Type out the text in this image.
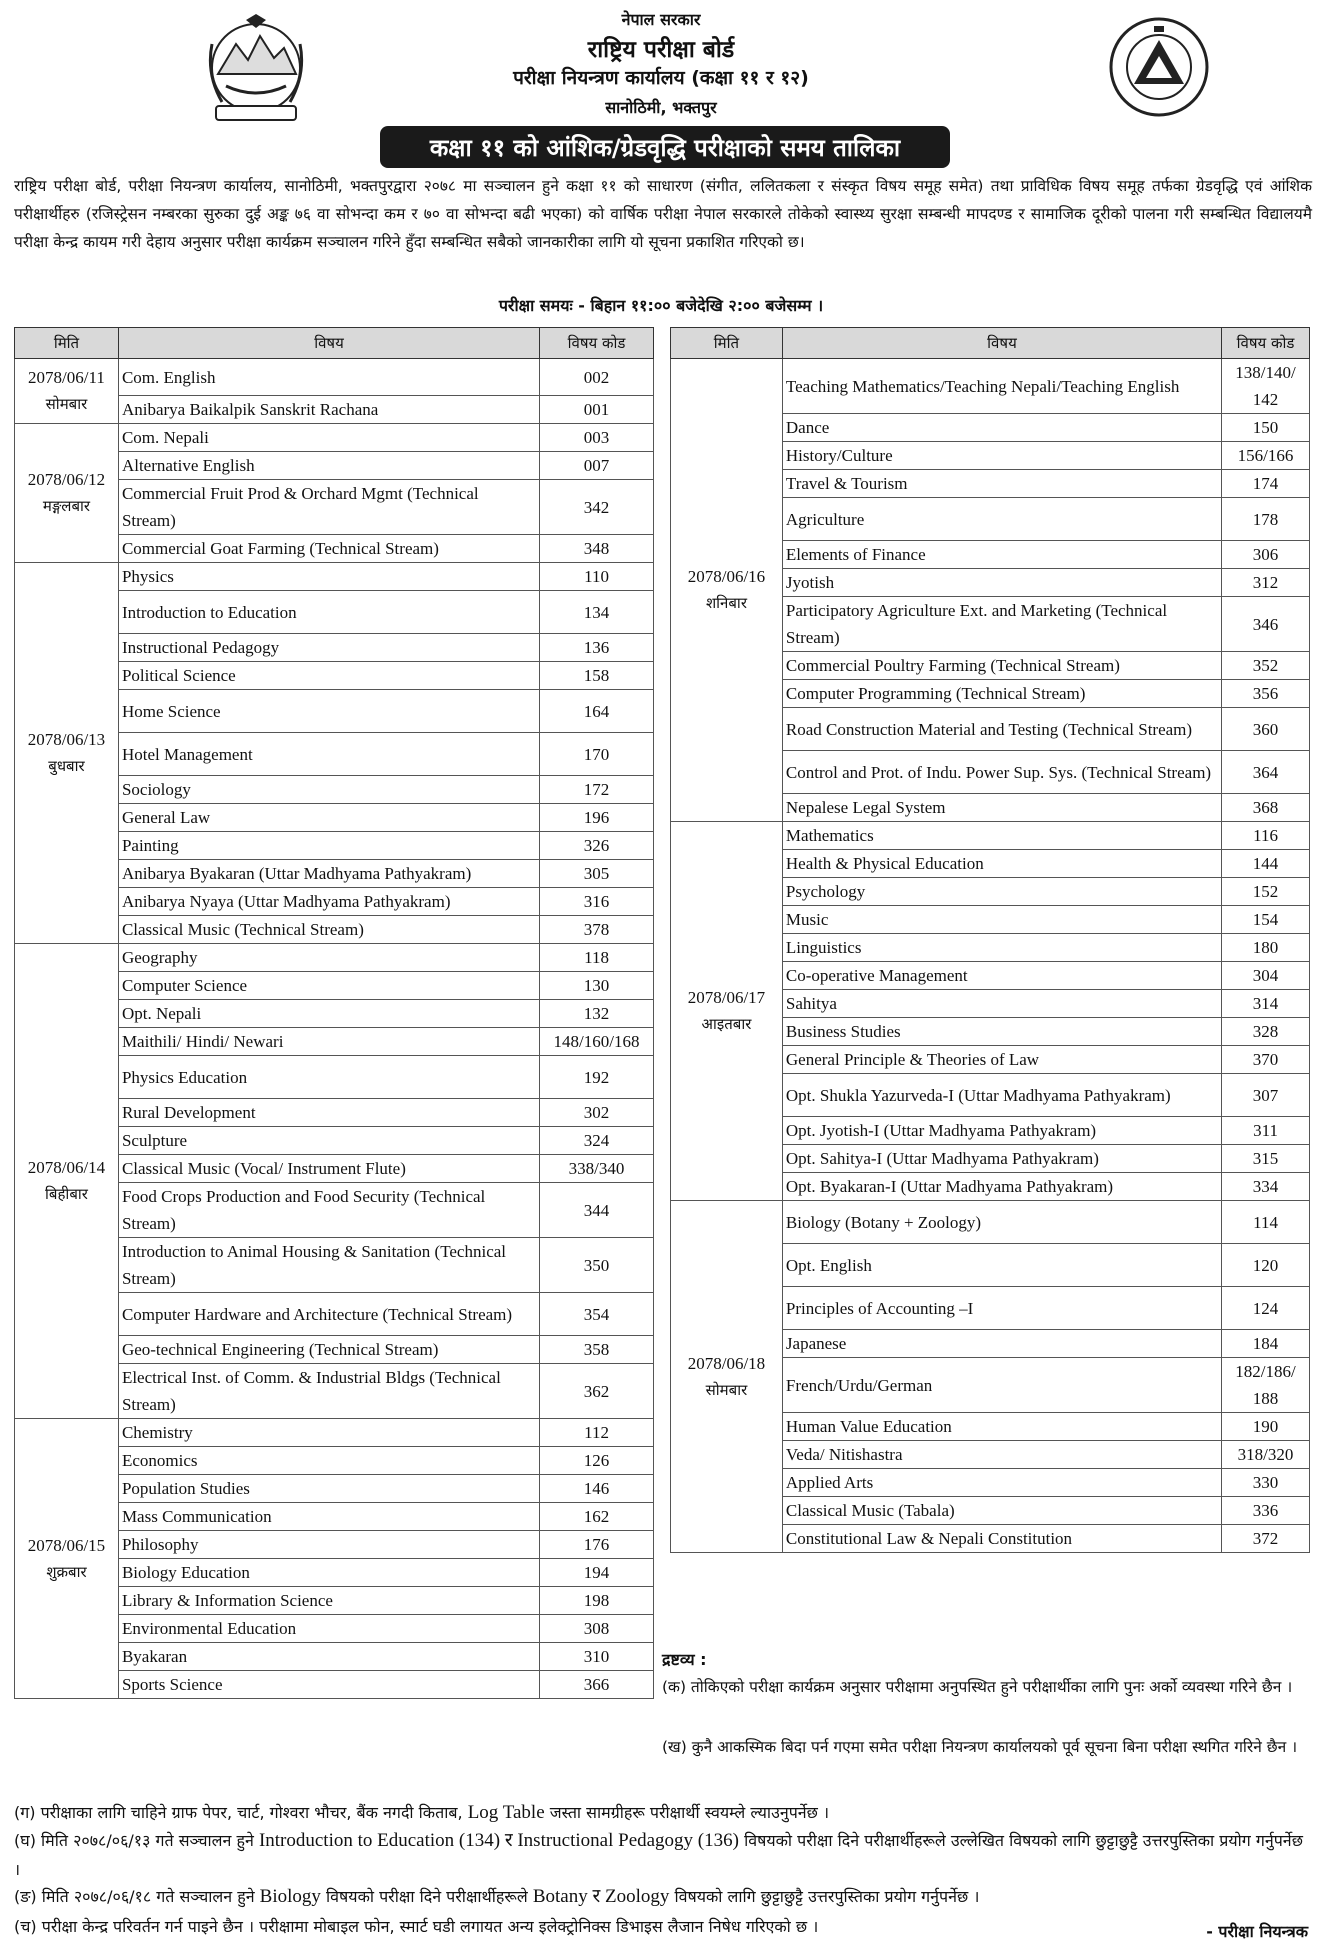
नेपाल सरकार
राष्ट्रिय परीक्षा बोर्ड
परीक्षा नियन्त्रण कार्यालय (कक्षा ११ र १२)
सानोठिमी, भक्तपुर
कक्षा ११ को आंशिक/ग्रेडवृद्धि परीक्षाको समय तालिका
राष्ट्रिय परीक्षा बोर्ड, परीक्षा नियन्त्रण कार्यालय, सानोठिमी, भक्तपुरद्वारा २०७८ मा सञ्चालन हुने कक्षा ११ को साधारण (संगीत, ललितकला र संस्कृत विषय समूह समेत) तथा प्राविधिक विषय समूह तर्फका ग्रेडवृद्धि एवं आंशिक परीक्षार्थीहरु (रजिस्ट्रेसन नम्बरका सुरुका दुई अङ्क ७६ वा सोभन्दा कम र ७० वा सोभन्दा बढी भएका) को वार्षिक परीक्षा नेपाल सरकारले तोकेको स्वास्थ्य सुरक्षा सम्बन्धी मापदण्ड र सामाजिक दूरीको पालना गरी सम्बन्धित विद्यालयमै परीक्षा केन्द्र कायम गरी देहाय अनुसार परीक्षा कार्यक्रम सञ्चालन गरिने हुँदा सम्बन्धित सबैको जानकारीका लागि यो सूचना प्रकाशित गरिएको छ।
परीक्षा समयः - बिहान ११:०० बजेदेखि २:०० बजेसम्म ।
मिति	विषय	विषय कोड

2078/06/11
सोमबार	Com. English	002
	Anibarya Baikalpik Sanskrit Rachana	001

2078/06/12
मङ्गलबार	Com. Nepali	003
	Alternative English	007
	Commercial Fruit Prod & Orchard Mgmt (Technical Stream)	342
	Commercial Goat Farming (Technical Stream)	348

2078/06/13
बुधबार	Physics	110
	Introduction to Education	134
	Instructional Pedagogy	136
	Political Science	158
	Home Science	164
	Hotel Management	170
	Sociology	172
	General Law	196
	Painting	326
	Anibarya Byakaran (Uttar Madhyama Pathyakram)	305
	Anibarya Nyaya (Uttar Madhyama Pathyakram)	316
	Classical Music (Technical Stream)	378

2078/06/14
बिहीबार	Geography	118
	Computer Science	130
	Opt. Nepali	132
	Maithili/ Hindi/ Newari	148/160/168
	Physics Education	192
	Rural Development	302
	Sculpture	324
	Classical Music (Vocal/ Instrument Flute)	338/340
	Food Crops Production and Food Security (Technical Stream)	344
	Introduction to Animal Housing & Sanitation (Technical Stream)	350
	Computer Hardware and Architecture (Technical Stream)	354
	Geo-technical Engineering (Technical Stream)	358
	Electrical Inst. of Comm. & Industrial Bldgs (Technical Stream)	362

2078/06/15
शुक्रबार	Chemistry	112
	Economics	126
	Population Studies	146
	Mass Communication	162
	Philosophy	176
	Biology Education	194
	Library & Information Science	198
	Environmental Education	308
	Byakaran	310
	Sports Science	366
मिति	विषय	विषय कोड

2078/06/16
शनिबार	Teaching Mathematics/Teaching Nepali/Teaching English	138/140/ 142
	Dance	150
	History/Culture	156/166
	Travel & Tourism	174
	Agriculture	178
	Elements of Finance	306
	Jyotish	312
	Participatory Agriculture Ext. and Marketing (Technical Stream)	346
	Commercial Poultry Farming (Technical Stream)	352
	Computer Programming (Technical Stream)	356
	Road Construction Material and Testing (Technical Stream)	360
	Control and Prot. of Indu. Power Sup. Sys. (Technical Stream)	364
	Nepalese Legal System	368

2078/06/17
आइतबार	Mathematics	116
	Health & Physical Education	144
	Psychology	152
	Music	154
	Linguistics	180
	Co-operative Management	304
	Sahitya	314
	Business Studies	328
	General Principle & Theories of Law	370
	Opt. Shukla Yazurveda-I (Uttar Madhyama Pathyakram)	307
	Opt. Jyotish-I (Uttar Madhyama Pathyakram)	311
	Opt. Sahitya-I (Uttar Madhyama Pathyakram)	315
	Opt. Byakaran-I (Uttar Madhyama Pathyakram)	334

2078/06/18
सोमबार	Biology (Botany + Zoology)	114
	Opt. English	120
	Principles of Accounting –I	124
	Japanese	184
	French/Urdu/German	182/186/ 188
	Human Value Education	190
	Veda/ Nitishastra	318/320
	Applied Arts	330
	Classical Music (Tabala)	336
	Constitutional Law & Nepali Constitution	372
द्रष्टव्य :
(क) तोकिएको परीक्षा कार्यक्रम अनुसार परीक्षामा अनुपस्थित हुने परीक्षार्थीका लागि पुनः अर्को व्यवस्था गरिने छैन ।
(ख) कुनै आकस्मिक बिदा पर्न गएमा समेत परीक्षा नियन्त्रण कार्यालयको पूर्व सूचना बिना परीक्षा स्थगित गरिने छैन ।
(ग) परीक्षाका लागि चाहिने ग्राफ पेपर, चार्ट, गोश्वरा भौचर, बैंक नगदी किताब, Log Table जस्ता सामग्रीहरू परीक्षार्थी स्वयम्ले ल्याउनुपर्नेछ ।
(घ) मिति २०७८/०६/१३ गते सञ्चालन हुने Introduction to Education (134) र Instructional Pedagogy (136) विषयको परीक्षा दिने परीक्षार्थीहरूले उल्लेखित विषयको लागि छुट्टाछुट्टै उत्तरपुस्तिका प्रयोग गर्नुपर्नेछ ।
(ङ) मिति २०७८/०६/१८ गते सञ्चालन हुने Biology विषयको परीक्षा दिने परीक्षार्थीहरूले Botany र Zoology विषयको लागि छुट्टाछुट्टै उत्तरपुस्तिका प्रयोग गर्नुपर्नेछ ।
(च) परीक्षा केन्द्र परिवर्तन गर्न पाइने छैन । परीक्षामा मोबाइल फोन, स्मार्ट घडी लगायत अन्य इलेक्ट्रोनिक्स डिभाइस लैजान निषेध गरिएको छ ।	- परीक्षा नियन्त्रक
